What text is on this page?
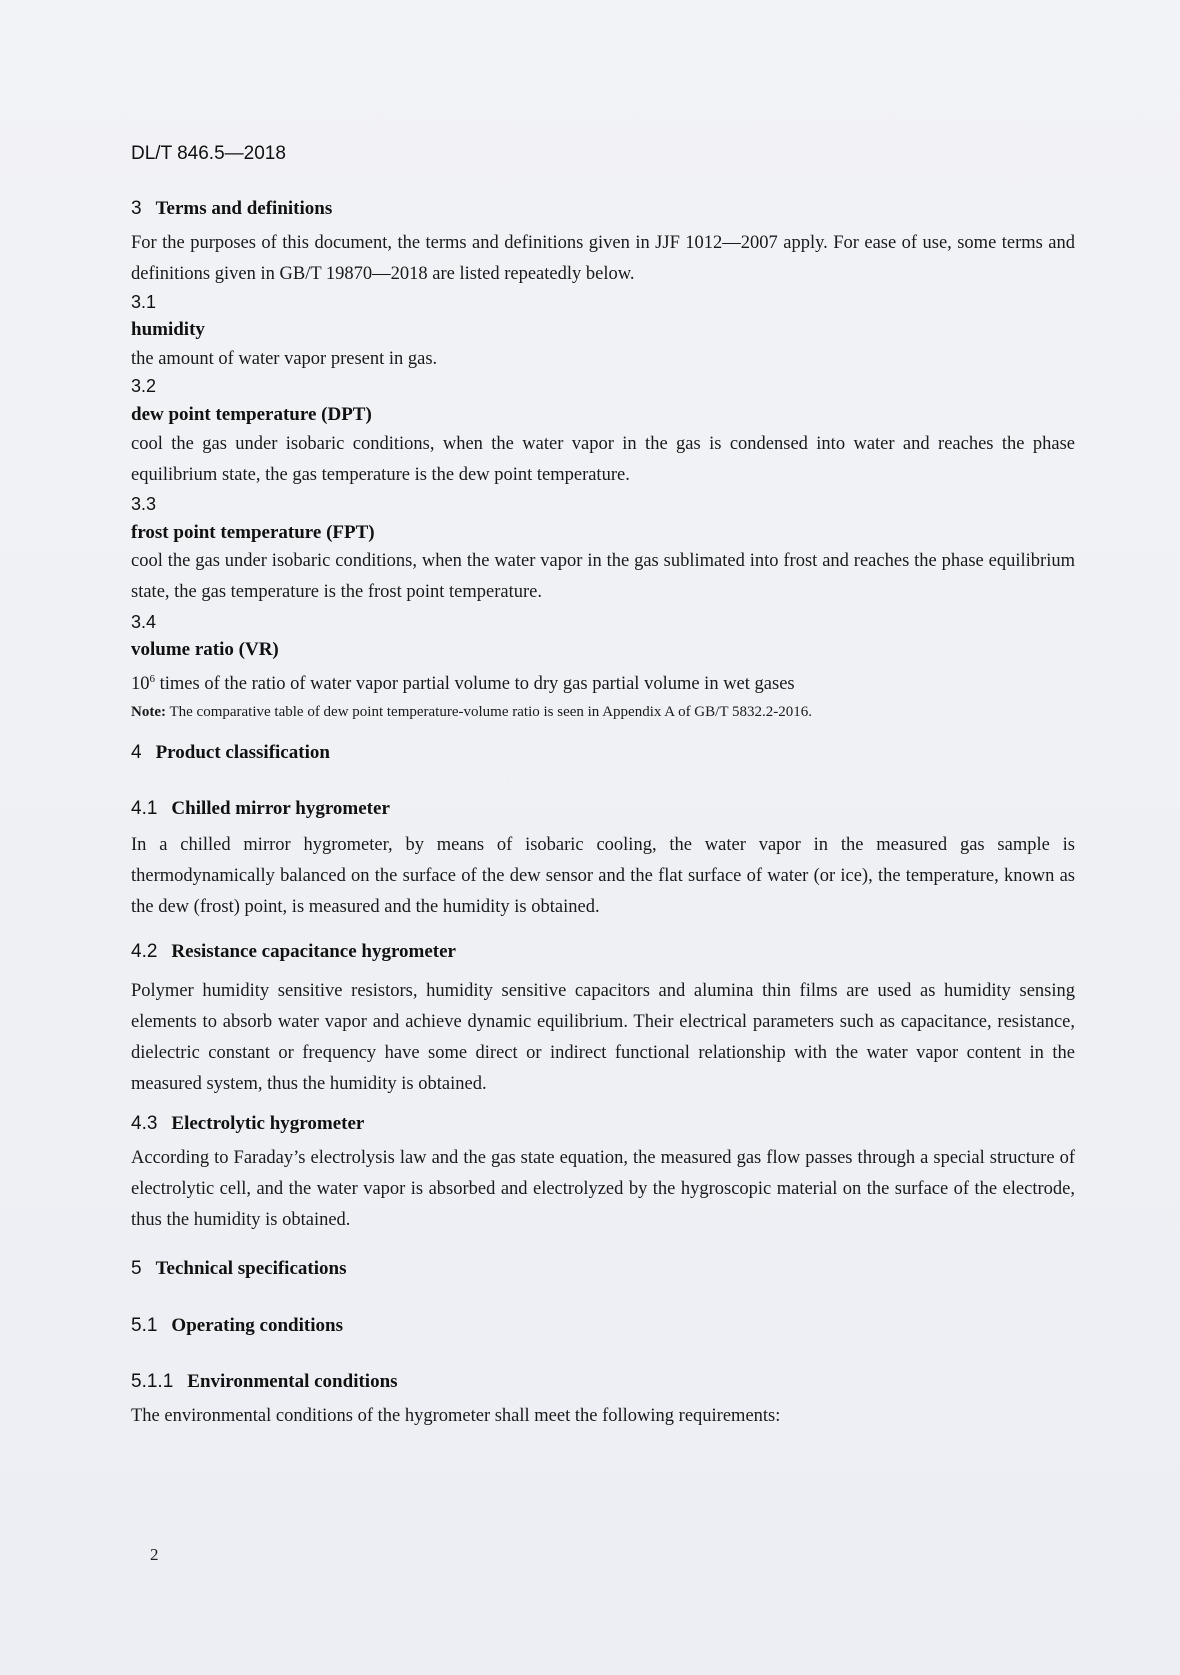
DL/T 846.5—2018
3 Terms and definitions
For the purposes of this document, the terms and definitions given in JJF 1012—2007 apply. For ease of use, some terms and definitions given in GB/T 19870—2018 are listed repeatedly below.
3.1
humidity
the amount of water vapor present in gas.
3.2
dew point temperature (DPT)
cool the gas under isobaric conditions, when the water vapor in the gas is condensed into water and reaches the phase equilibrium state, the gas temperature is the dew point temperature.
3.3
frost point temperature (FPT)
cool the gas under isobaric conditions, when the water vapor in the gas sublimated into frost and reaches the phase equilibrium state, the gas temperature is the frost point temperature.
3.4
volume ratio (VR)
$10^6$ times of the ratio of water vapor partial volume to dry gas partial volume in wet gases
Note: The comparative table of dew point temperature-volume ratio is seen in Appendix A of GB/T 5832.2-2016.
4 Product classification
4.1 Chilled mirror hygrometer
In a chilled mirror hygrometer, by means of isobaric cooling, the water vapor in the measured gas sample is thermodynamically balanced on the surface of the dew sensor and the flat surface of water (or ice), the temperature, known as the dew (frost) point, is measured and the humidity is obtained.
4.2 Resistance capacitance hygrometer
Polymer humidity sensitive resistors, humidity sensitive capacitors and alumina thin films are used as humidity sensing elements to absorb water vapor and achieve dynamic equilibrium. Their electrical parameters such as capacitance, resistance, dielectric constant or frequency have some direct or indirect functional relationship with the water vapor content in the measured system, thus the humidity is obtained.
4.3 Electrolytic hygrometer
According to Faraday’s electrolysis law and the gas state equation, the measured gas flow passes through a special structure of electrolytic cell, and the water vapor is absorbed and electrolyzed by the hygroscopic material on the surface of the electrode, thus the humidity is obtained.
5 Technical specifications
5.1 Operating conditions
5.1.1 Environmental conditions
The environmental conditions of the hygrometer shall meet the following requirements:
2
